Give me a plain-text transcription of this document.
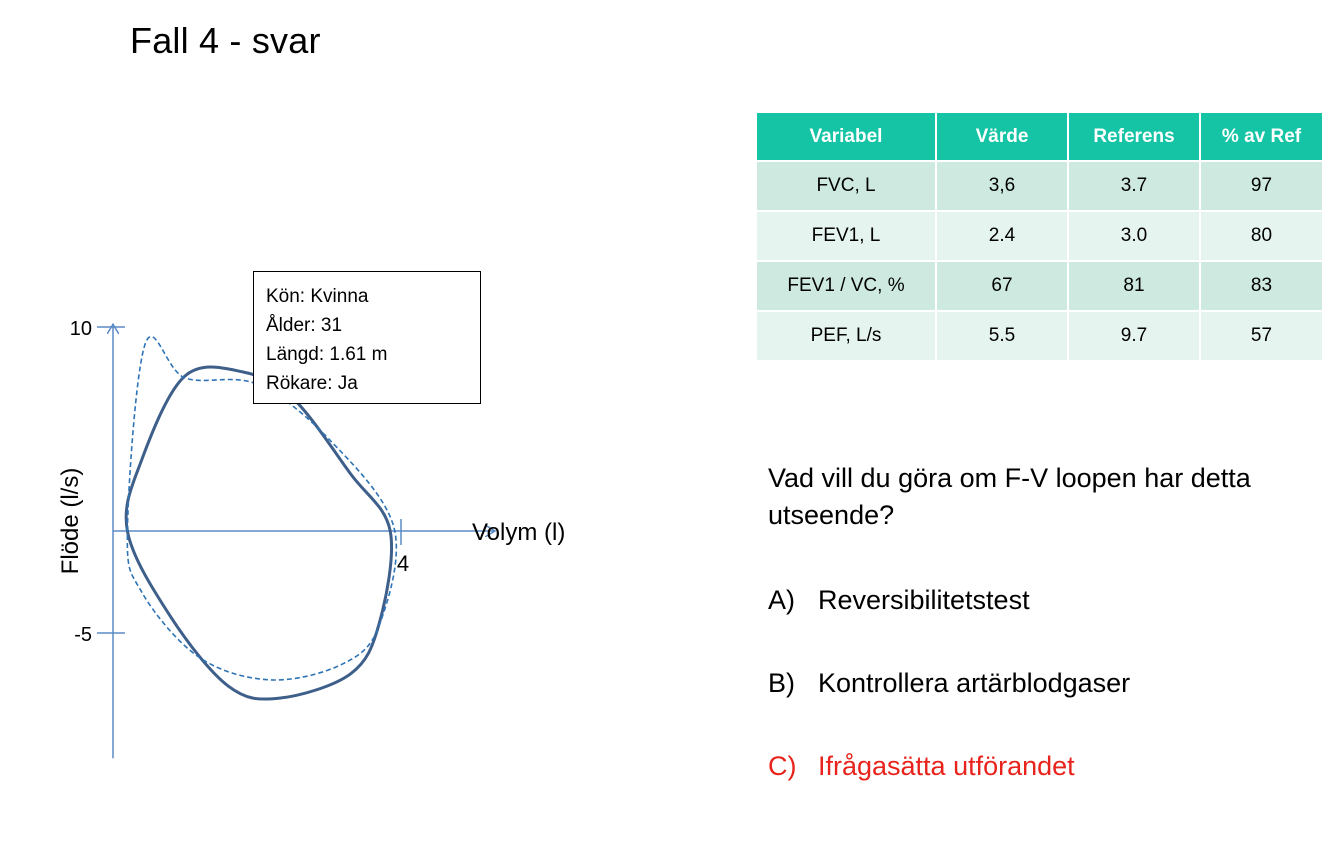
Fall 4 - svar
10
-5
4
Volym (l)
Flöde (l/s)
Kön: Kvinna
Ålder: 31
Längd: 1.61 m
Rökare: Ja
Variabel	Värde	Referens	% av Ref
FVC, L	3,6	3.7	97
FEV1, L	2.4	3.0	80
FEV1 / VC, %	67	81	83
PEF, L/s	5.5	9.7	57
Vad vill du göra om F-V loopen har detta utseende?
A) Reversibilitetstest
B) Kontrollera artärblodgaser
C) Ifrågasätta utförandet
